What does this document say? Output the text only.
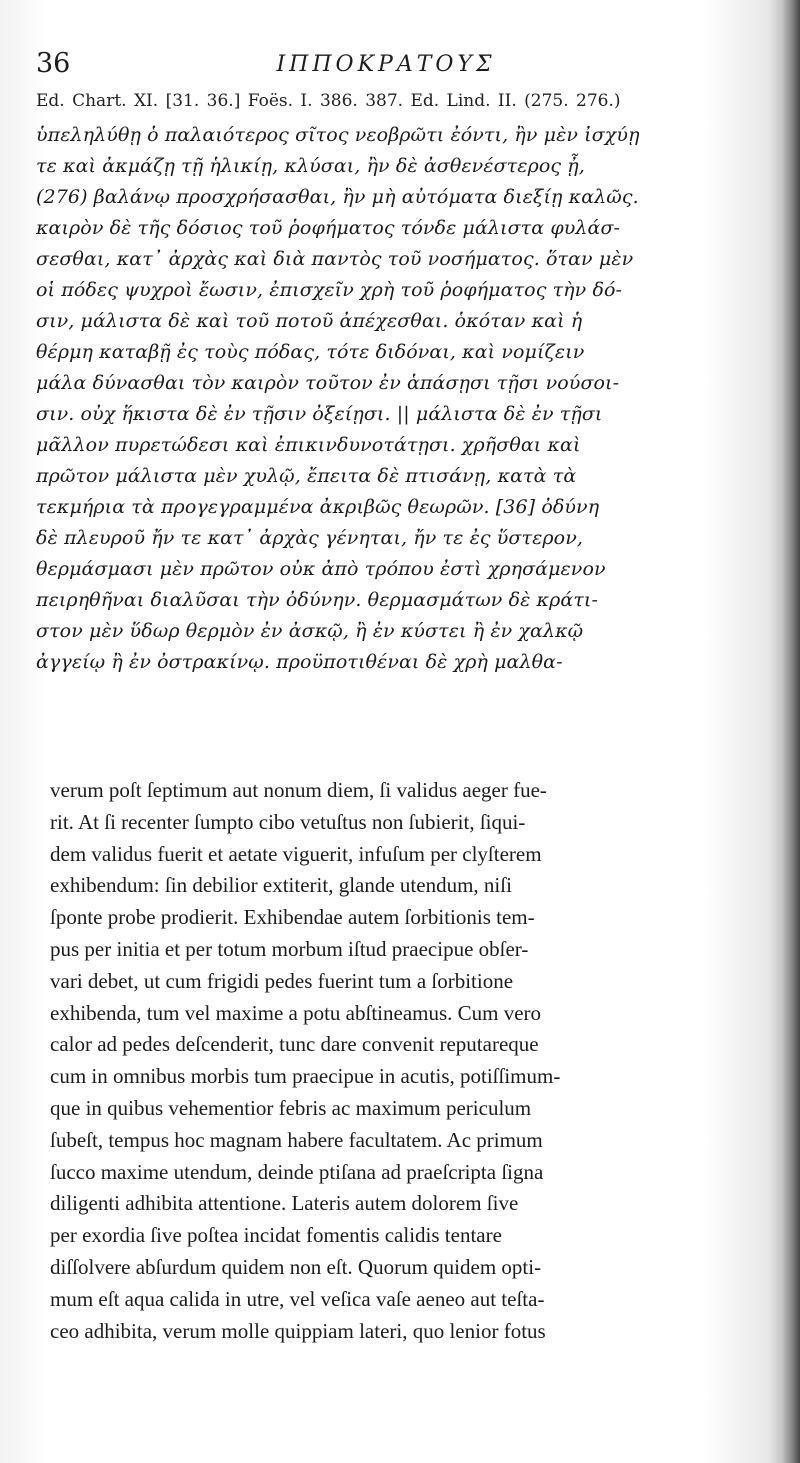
36	ΙΠΠΟΚΡΑΤΟΥΣ
Ed. Chart. XI. [31. 36.] Foës. I. 386. 387. Ed. Lind. II. (275. 276.)
ὑπεληλύθῃ ὁ παλαιότερος σῖτος νεοβρῶτι ἐόντι, ἢν μὲν ἰσχύῃ
τε καὶ ἀκμάζῃ τῇ ἡλικίῃ, κλύσαι, ἢν δὲ ἀσθενέστερος ᾖ,
(276) βαλάνῳ προσχρήσασθαι, ἢν μὴ αὐτόματα διεξίῃ καλῶς.
καιρὸν δὲ τῆς δόσιος τοῦ ῥοφήματος τόνδε μάλιστα φυλάσ-
σεσθαι, κατ᾽ ἀρχὰς καὶ διὰ παντὸς τοῦ νοσήματος. ὅταν μὲν
οἱ πόδες ψυχροὶ ἔωσιν, ἐπισχεῖν χρὴ τοῦ ῥοφήματος τὴν δό-
σιν, μάλιστα δὲ καὶ τοῦ ποτοῦ ἀπέχεσθαι. ὁκόταν καὶ ἡ
θέρμη καταβῇ ἐς τοὺς πόδας, τότε διδόναι, καὶ νομίζειν
μάλα δύνασθαι τὸν καιρὸν τοῦτον ἐν ἁπάσῃσι τῇσι νούσοι-
σιν. οὐχ ἥκιστα δὲ ἐν τῇσιν ὀξείῃσι. || μάλιστα δὲ ἐν τῇσι
μᾶλλον πυρετώδεσι καὶ ἐπικινδυνοτάτῃσι. χρῆσθαι καὶ
πρῶτον μάλιστα μὲν χυλῷ, ἔπειτα δὲ πτισάνῃ, κατὰ τὰ
τεκμήρια τὰ προγεγραμμένα ἀκριβῶς θεωρῶν. [36] ὀδύνη
δὲ πλευροῦ ἤν τε κατ᾽ ἀρχὰς γένηται, ἤν τε ἐς ὕστερον,
θερμάσμασι μὲν πρῶτον οὐκ ἀπὸ τρόπου ἐστὶ χρησάμενον
πειρηθῆναι διαλῦσαι τὴν ὀδύνην. θερμασμάτων δὲ κράτι-
στον μὲν ὕδωρ θερμὸν ἐν ἀσκῷ, ἢ ἐν κύστει ἢ ἐν χαλκῷ
ἀγγείῳ ἢ ἐν ὀστρακίνῳ. προϋποτιθέναι δὲ χρὴ μαλθα-
verum poſt ſeptimum aut nonum diem, ſi validus aeger fue-
rit. At ſi recenter ſumpto cibo vetuſtus non ſubierit, ſiqui-
dem validus fuerit et aetate viguerit, infuſum per clyſterem
exhibendum: ſin debilior extiterit, glande utendum, niſi
ſponte probe prodierit. Exhibendae autem ſorbitionis tem-
pus per initia et per totum morbum iſtud praecipue obſer-
vari debet, ut cum frigidi pedes fuerint tum a ſorbitione
exhibenda, tum vel maxime a potu abſtineamus. Cum vero
calor ad pedes deſcenderit, tunc dare convenit reputareque
cum in omnibus morbis tum praecipue in acutis, potiſſimum-
que in quibus vehementior febris ac maximum periculum
ſubeſt, tempus hoc magnam habere facultatem. Ac primum
ſucco maxime utendum, deinde ptiſana ad praeſcripta ſigna
diligenti adhibita attentione. Lateris autem dolorem ſive
per exordia ſive poſtea incidat fomentis calidis tentare
diſſolvere abſurdum quidem non eſt. Quorum quidem opti-
mum eſt aqua calida in utre, vel veſica vaſe aeneo aut teſta-
ceo adhibita, verum molle quippiam lateri, quo lenior fotus
